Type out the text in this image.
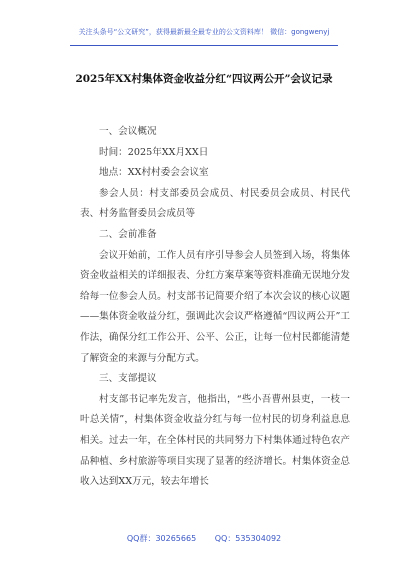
关注头条号“公文研究”，获得最新最全最专业的公文资料库！ 微信：gongwenyj
2025年XX村集体资金收益分红“四议两公开”会议记录

一、会议概况

时间：2025年XX月XX日

地点：XX村村委会会议室

参会人员：村支部委员会成员、村民委员会成员、村民代表、村务监督委员会成员等

二、会前准备

会议开始前，工作人员有序引导参会人员签到入场，将集体资金收益相关的详细报表、分红方案草案等资料准确无误地分发给每一位参会人员。村支部书记简要介绍了本次会议的核心议题——集体资金收益分红，强调此次会议严格遵循“四议两公开”工作法，确保分红工作公开、公平、公正，让每一位村民都能清楚了解资金的来源与分配方式。

三、支部提议

村支部书记率先发言，他指出，“些小吾曹州县吏，一枝一叶总关情”，村集体资金收益分红与每一位村民的切身利益息息相关。过去一年，在全体村民的共同努力下村集体通过特色农产品种植、乡村旅游等项目实现了显著的经济增长。村集体资金总收入达到XX万元，较去年增长

QQ群：30265665 QQ：535304092
